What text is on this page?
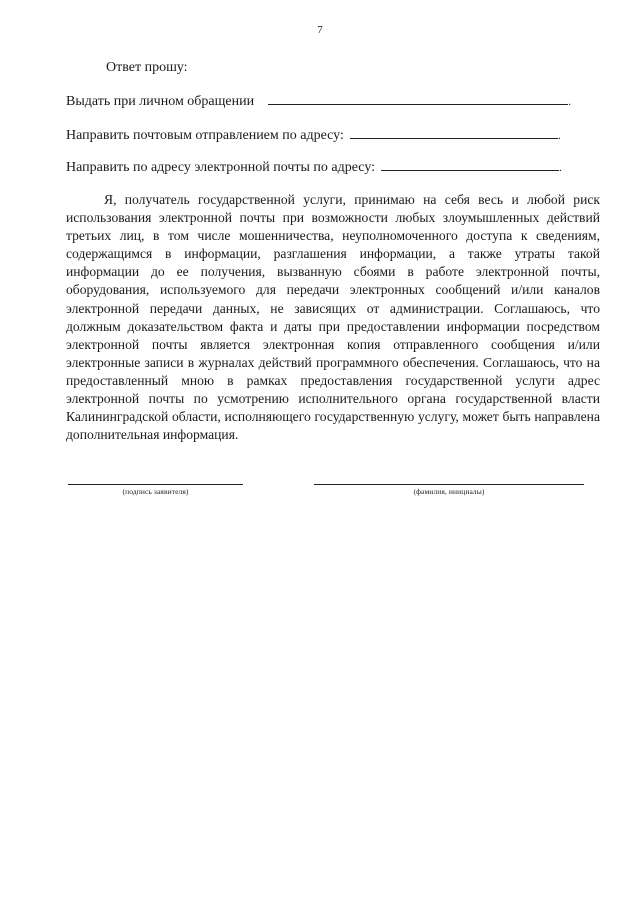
7
Ответ прошу:
Выдать при личном обращении	.
Направить почтовым отправлением по адресу:	.
Направить по адресу электронной почты по адресу:	.

Я, получатель государственной услуги, принимаю на себя весь и любой риск использования электронной почты при возможности любых злоумышленных действий третьих лиц, в том числе мошенничества, неуполномоченного доступа к сведениям, содержащимся в информации, разглашения информации, а также утраты такой информации до ее получения, вызванную сбоями в работе электронной почты, оборудования, используемого для передачи электронных сообщений и/или каналов электронной передачи данных, не зависящих от администрации. Соглашаюсь, что должным доказательством факта и даты при предоставлении информации посредством электронной почты является электронная копия отправленного сообщения и/или электронные записи в журналах действий программного обеспечения. Соглашаюсь, что на предоставленный мною в рамках предоставления государственной услуги адрес электронной почты по усмотрению исполнительного органа государственной власти Калининградской области, исполняющего государственную услугу, может быть направлена дополнительная информация.

(подпись заявителя)	(фамилия, инициалы)
